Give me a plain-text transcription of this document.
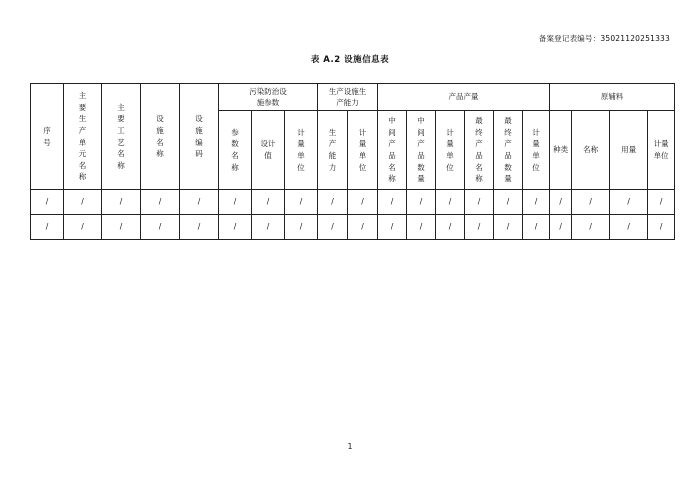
备案登记表编号：35021120251333
表 A.2 设施信息表
序号	主要生产单元名称	主要工艺名称	设施名称	设施编码	污染防治设施参数			生产设施生产能力		产品产量						原辅料			
					参数名称	设计值	计量单位	生产能力	计量单位	中间产品名称	中间产品数量	计量单位	最终产品名称	最终产品数量	计量单位	种类	名称	用量	计量单位
/	/	/	/	/	/	/	/	/	/	/	/	/	/	/	/	/	/	/	/
/	/	/	/	/	/	/	/	/	/	/	/	/	/	/	/	/	/	/	/
1
